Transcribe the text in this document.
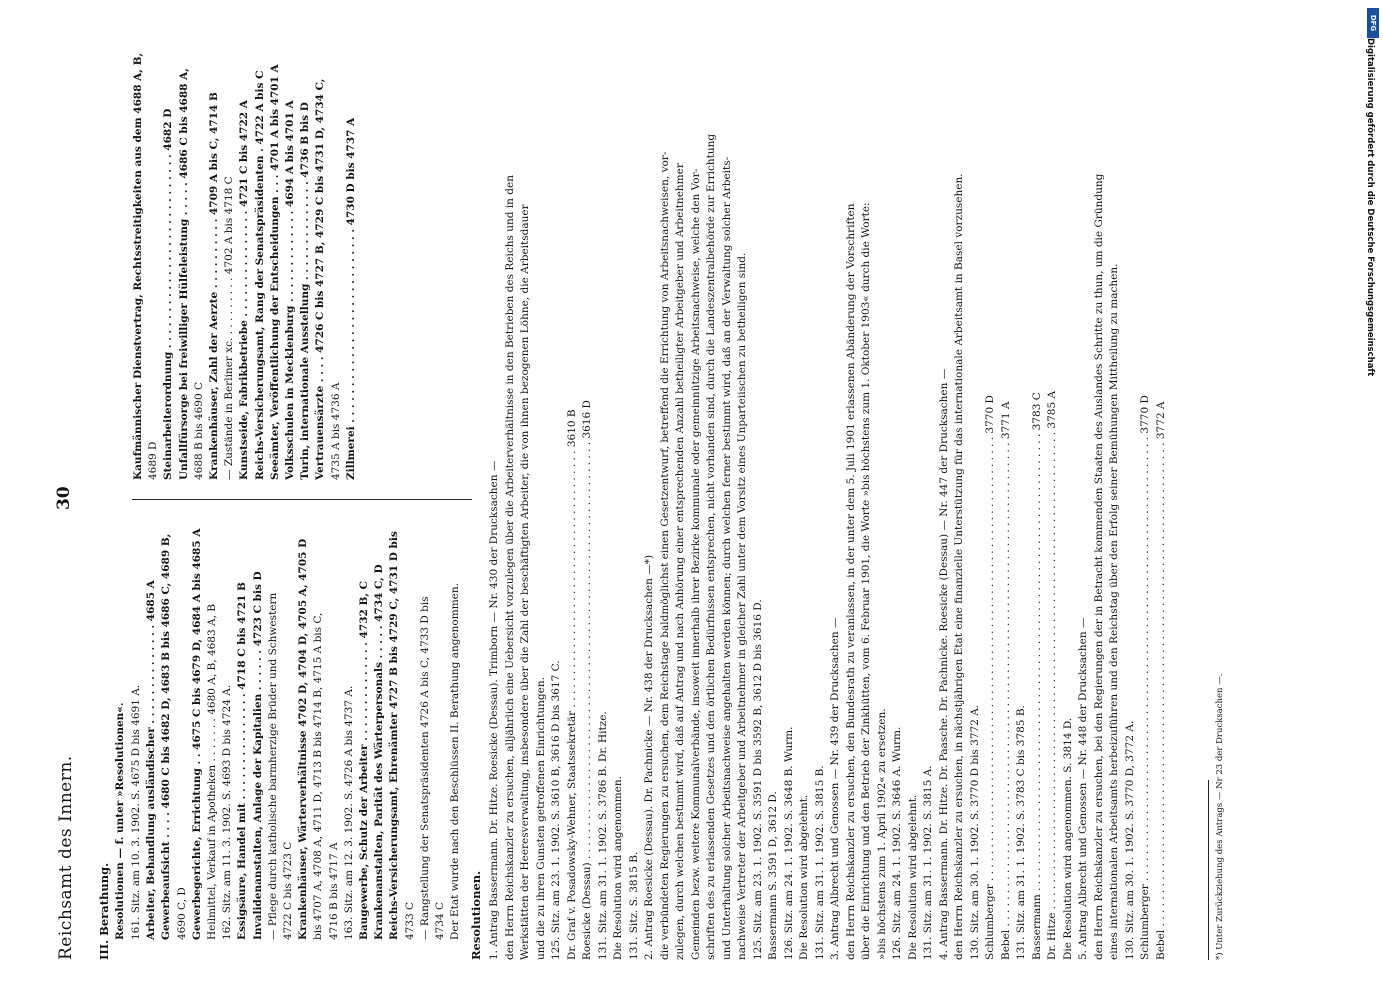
Reichsamt des Innern.
30
III. Berathung. Resolutionen — f. unter »Resolutionen«. 161. Sitz. am 10. 3. 1902. S. 4675 D bis 4691 A. Arbeiter, Behandlung ausländischer . . . . . . . . . . . . . . 4685 A Gewerbeaufsicht . . . . 4680 C bis 4682 D, 4683 B bis 4686 C, 4689 B, 4690 C, D Gewerbegerichte, Errichtung . . 4675 C bis 4679 D, 4684 A bis 4685 A Heilmittel, Verkauf in Apotheken . . . . . . . 4680 A, B, 4683 A, B 162. Sitz. am 11. 3. 1902. S. 4693 D bis 4724 A. Essigsäure, Handel mit . . . . . . . . . . . . . . . 4718 C bis 4721 B Invalidenanstalten, Anlage der Kapitalien . . . . . . 4723 C bis D — Pflege durch katholische barmherzige Brüder und Schwestern 4722 C bis 4723 C Krankenhäuser, Wärterverhältnisse 4702 D, 4704 D, 4705 A, 4705 D bis 4707 A, 4708 A, 4711 D, 4713 B bis 4714 B, 4715 A bis C, 4716 B bis 4717 A 163. Sitz. am 12. 3. 1902. S. 4726 A bis 4737 A. Baugewerbe, Schutz der Arbeiter . . . . . . . . . . . . . . 4732 B, C Krankenanstalten, Parität des Wärterpersonals . . . . . 4734 C, D Reichs-Versicherungsamt, Ehrenämter 4727 B bis 4729 C, 4731 D bis 4733 C — Rangstellung der Senatspräsidenten 4726 A bis C, 4733 D bis 4734 C Der Etat wurde nach den Beschlüssen II. Berathung angenommen.
Kaufmännischer Dienstvertrag, Rechtsstreitigkeiten aus dem 4688 A, B, 4689 D Steinarbeiterordnung . . . . . . . . . . . . . . . . . . . . . . . . . . . 4682 D Unfallfürsorge bei freiwilliger Hülfeleistung . . . . . 4686 C bis 4688 A, 4688 B bis 4690 C Krankenhäuser, Zahl der Aerzte . . . . . . . . . . 4709 A bis C, 4714 B — Zustände in Berliner xc. . . . . . . . . . 4702 A bis 4718 C Kunstseide, Fabrikbetriebe . . . . . . . . . . . . . . . 4721 C bis 4722 A Reichs-Versicherungsamt, Rang der Senatspräsidenten . 4722 A bis C Seeämter, Veröffentlichung der Entscheidungen . . . 4701 A bis 4701 A Volksschulen in Mecklenburg . . . . . . . . . . . . . 4694 A bis 4701 A Turin, internationale Ausstellung . . . . . . . . . . . . . . 4736 B bis D Vertrauensärzte . . . . 4726 C bis 4727 B, 4729 C bis 4731 D, 4734 C, 4735 A bis 4736 A Zillmerei . . . . . . . . . . . . . . . . . . . . . . . . . . . 4730 D bis 4737 A
Resolutionen. 1. Antrag Bassermann. Dr. Hitze. Roesicke (Dessau). Trimborn — Nr. 430 der Drucksachen — den Herrn Reichskanzler zu ersuchen, alljährlich eine Uebersicht vorzulegen über die Arbeiterverhältnisse in den Betrieben des Reichs und in den Werkstätten der Heeresverwaltung, insbesondere über die Zahl der beschäftigten Arbeiter, die von ihnen bezogenen Löhne, die Arbeitsdauer und die zu ihren Gunsten getroffenen Einrichtungen. 125. Sitz. am 23. 1. 1902. S. 3610 B, 3616 D bis 3617 C. Dr. Graf v. Posadowsky-Wehner, Staatssekretär . . . . . . . . . . . . . . . . . . . . . . . . . . . . . . . . . . . . . . . 3610 B Roesicke (Dessau) . . . . . . . . . . . . . . . . . . . . . . . . . . . . . . . . . . . . . . . . . . . . . . . . . . . . . . . . . . . . . . . 3616 D 131. Sitz. am 31. 1. 1902. S. 3786 B. Dr. Hitze. Die Resolution wird angenommen. 131. Sitz. S. 3815 B. 2. Antrag Roesicke (Dessau). Dr. Pachnicke — Nr. 438 der Drucksachen —*) die verbündeten Regierungen zu ersuchen, dem Reichstage baldmöglichst einen Gesetzentwurf, betreffend die Errichtung von Arbeitsnachweisen, vor- zulegen, durch welchen bestimmt wird, daß auf Antrag und nach Anhörung einer entsprechenden Anzahl betheiligter Arbeitgeber und Arbeitnehmer Gemeinden bezw. weitere Kommunalverbände, insoweit innerhalb ihrer Bezirke kommunale oder gemeinnützige Arbeitsnachweise, welche den Vor- schriften des zu erlassenden Gesetzes und den örtlichen Bedürfnissen entsprechen, nicht vorhanden sind, durch die Landeszentralbehörde zur Errichtung und Unterhaltung solcher Arbeitsnachweise angehalten werden können; durch welchen ferner bestimmt wird, daß an der Verwaltung solcher Arbeits- nachweise Vertreter der Arbeitgeber und Arbeitnehmer in gleicher Zahl unter dem Vorsitz eines Unparteiischen zu betheiligen sind. 125. Sitz. am 23. 1. 1902. S. 3591 D bis 3592 B, 3612 D bis 3616 D. Bassermann S. 3591 D, 3612 D. 126. Sitz. am 24. 1. 1902. S. 3648 B. Wurm. Die Resolution wird abgelehnt. 131. Sitz. am 31. 1. 1902. S. 3815 B. 3. Antrag Albrecht und Genossen — Nr. 439 der Drucksachen — den Herrn Reichskanzler zu ersuchen, den Bundesrath zu veranlassen, in der unter dem 5. Juli 1901 erlassenen Abänderung der Vorschriften über die Einrichtung und den Betrieb der Zinkhütten, vom 6. Februar 1901, die Worte »bis höchstens zum 1. Oktober 1903« durch die Worte: »bis höchstens zum 1. April 1902« zu ersetzen. 126. Sitz. am 24. 1. 1902. S. 3646 A. Wurm. Die Resolution wird abgelehnt. 131. Sitz. am 31. 1. 1902. S. 3815 A. 4. Antrag Bassermann. Dr. Hitze. Dr. Paasche. Dr. Pachnicke. Roesicke (Dessau) — Nr. 447 der Drucksachen — den Herrn Reichskanzler zu ersuchen, in nächstjährigen Etat eine finanzielle Unterstützung für das internationale Arbeitsamt in Basel vorzusehen. 130. Sitz. am 30. 1. 1902. S. 3770 D bis 3772 A. Schlumberger . . . . . . . . . . . . . . . . . . . . . . . . . . . . . . . . . . . . . . . . . . . . . . . . . . . . . . . . . . . . . . . . . . . 3770 D Bebel . . . . . . . . . . . . . . . . . . . . . . . . . . . . . . . . . . . . . . . . . . . . . . . . . . . . . . . . . . . . . . . . . . . . . . . . . 3771 A 131. Sitz. am 31. 1. 1902. S. 3783 C bis 3785 B. Bassermann . . . . . . . . . . . . . . . . . . . . . . . . . . . . . . . . . . . . . . . . . . . . . . . . . . . . . . . . . . . . . . . . . . . . . 3783 C Dr. Hitze . . . . . . . . . . . . . . . . . . . . . . . . . . . . . . . . . . . . . . . . . . . . . . . . . . . . . . . . . . . . . . . . . . . . . . . . 3785 A Die Resolution wird angenommen. S. 3814 D. 5. Antrag Albrecht und Genossen — Nr. 448 der Drucksachen — den Herrn Reichskanzler zu ersuchen, bei den Regierungen der in Betracht kommenden Staaten des Auslandes Schritte zu thun, um die Gründung eines internationalen Arbeitsamts herbeizuführen und den Reichstag über den Erfolg seiner Bemühungen Mittheilung zu machen. 130. Sitz. am 30. 1. 1902. S. 3770 D, 3772 A. Schlumberger . . . . . . . . . . . . . . . . . . . . . . . . . . . . . . . . . . . . . . . . . . . . . . . . . . . . . . . . . . . . . . . . . . . 3770 D Bebel . . . . . . . . . . . . . . . . . . . . . . . . . . . . . . . . . . . . . . . . . . . . . . . . . . . . . . . . . . . . . . . . . . . . . . . . . 3772 A	*) Unter Zurückziehung des Antrags — Nr 23 der Drucksachen —.
DFG
Digitalisierung gefördert durch die Deutsche Forschungsgemeinschaft
